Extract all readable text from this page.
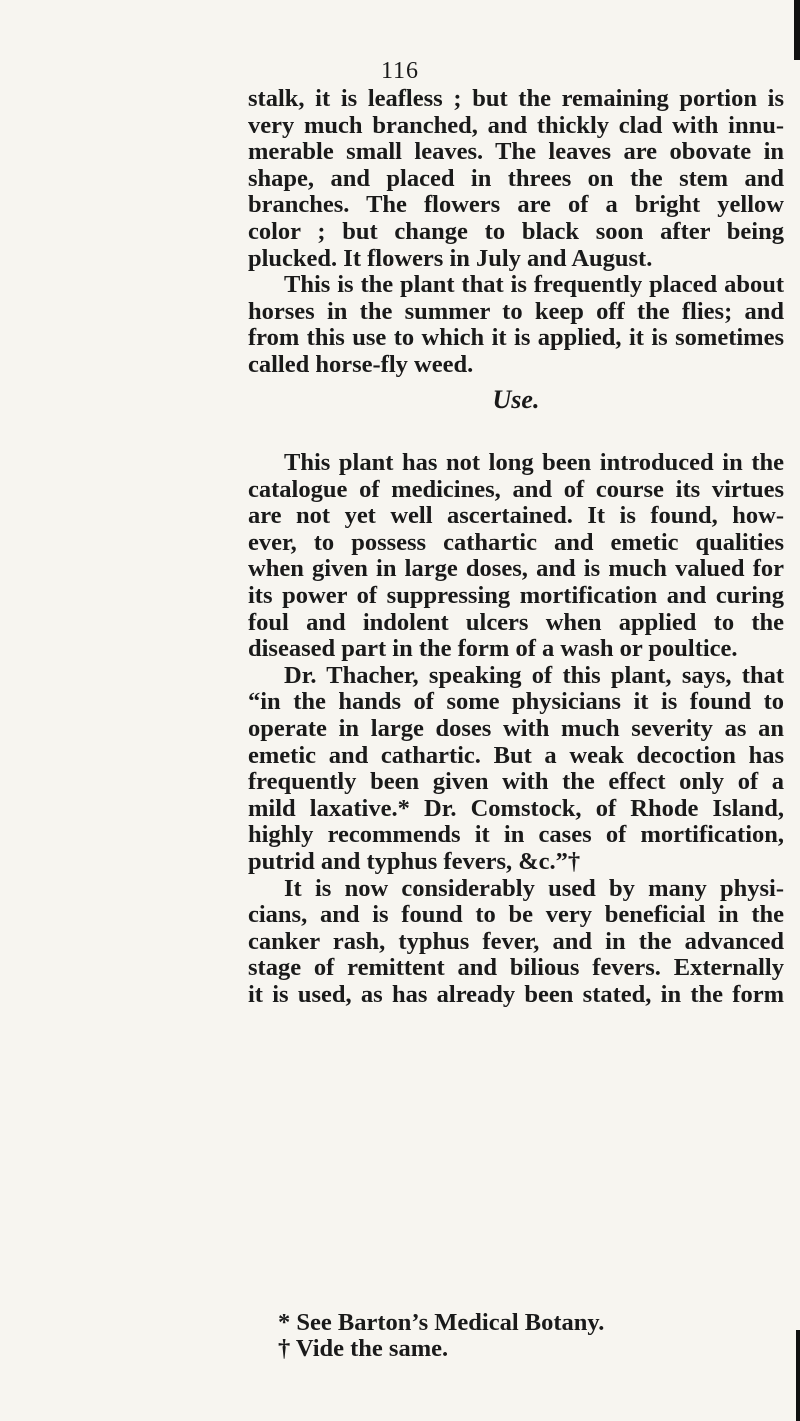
116
stalk, it is leafless ; but the remaining portion is
very much branched, and thickly clad with innu-
merable small leaves. The leaves are obovate in
shape, and placed in threes on the stem and
branches. The flowers are of a bright yellow
color ; but change to black soon after being
plucked. It flowers in July and August.
This is the plant that is frequently placed about
horses in the summer to keep off the flies; and
from this use to which it is applied, it is sometimes
called horse-fly weed.
Use.
This plant has not long been introduced in the
catalogue of medicines, and of course its virtues
are not yet well ascertained. It is found, how-
ever, to possess cathartic and emetic qualities
when given in large doses, and is much valued for
its power of suppressing mortification and curing
foul and indolent ulcers when applied to the
diseased part in the form of a wash or poultice.
Dr. Thacher, speaking of this plant, says, that
“in the hands of some physicians it is found to
operate in large doses with much severity as an
emetic and cathartic. But a weak decoction has
frequently been given with the effect only of a
mild laxative.* Dr. Comstock, of Rhode Island,
highly recommends it in cases of mortification,
putrid and typhus fevers, &c.”†
It is now considerably used by many physi-
cians, and is found to be very beneficial in the
canker rash, typhus fever, and in the advanced
stage of remittent and bilious fevers. Externally
it is used, as has already been stated, in the form
* See Barton’s Medical Botany.
† Vide the same.
